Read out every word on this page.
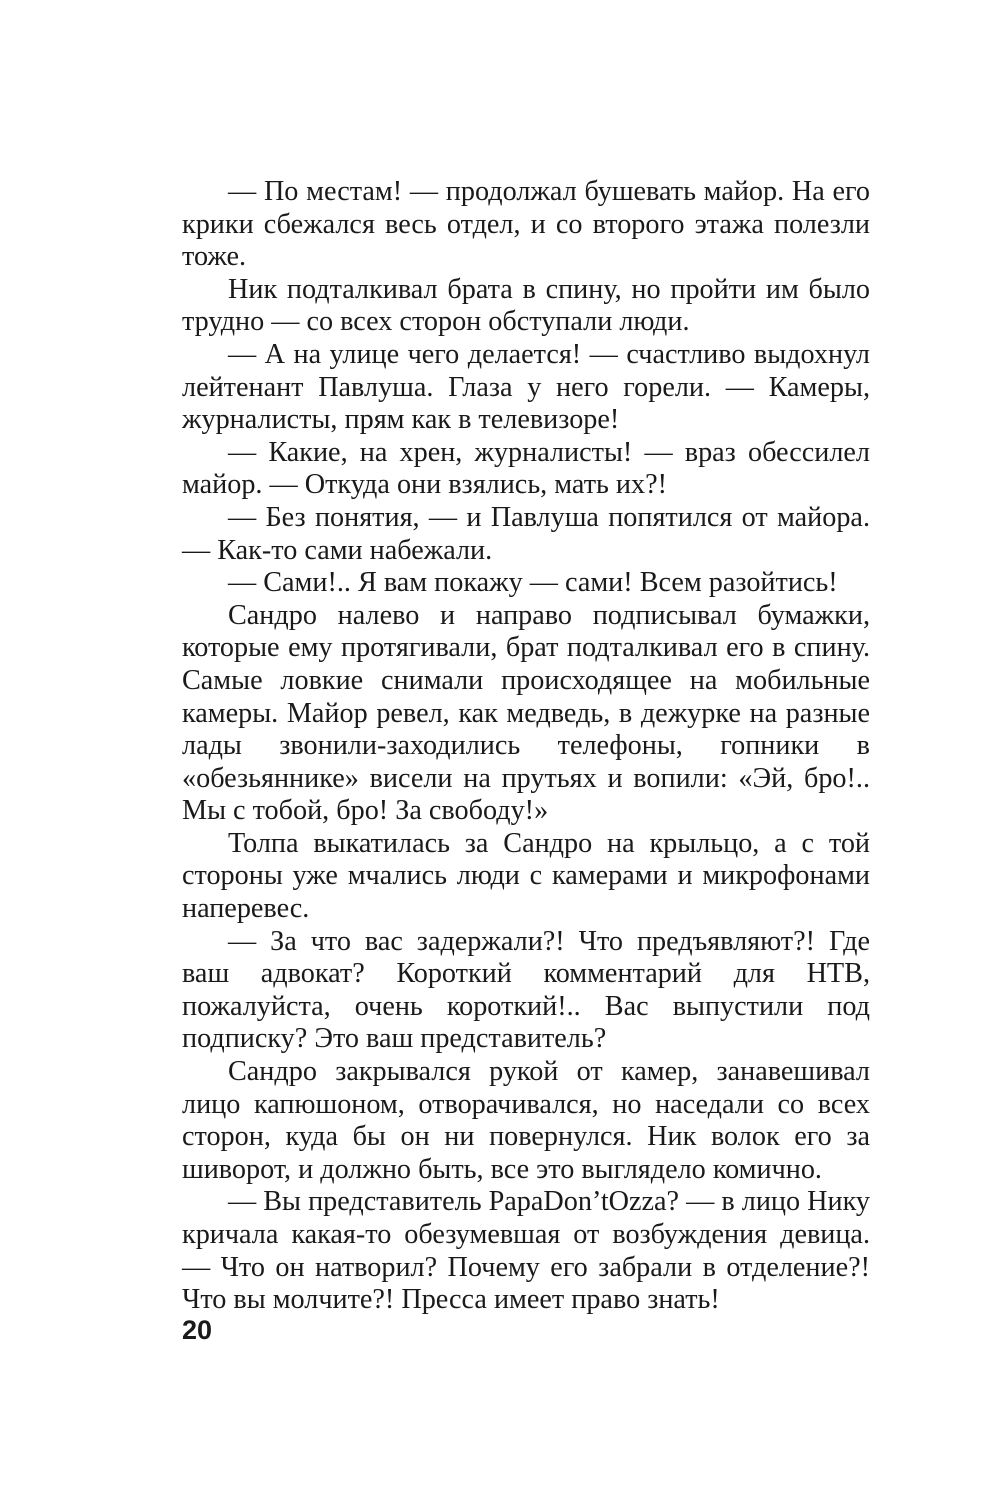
— По местам! — продолжал бушевать майор. На его крики сбежался весь отдел, и со второго этажа полезли тоже.

Ник подталкивал брата в спину, но пройти им было трудно — со всех сторон обступали люди.

— А на улице чего делается! — счастливо выдохнул лейтенант Павлуша. Глаза у него горели. — Камеры, журналисты, прям как в телевизоре!

— Какие, на хрен, журналисты! — враз обессилел майор. — Откуда они взялись, мать их?!

— Без понятия, — и Павлуша попятился от майора. — Как-то сами набежали.

— Сами!.. Я вам покажу — сами! Всем разойтись!

Сандро налево и направо подписывал бумажки, которые ему протягивали, брат подталкивал его в спину. Самые ловкие снимали происходящее на мобильные камеры. Майор ревел, как медведь, в дежурке на разные лады звонили-заходились телефоны, гопники в «обезьяннике» висели на прутьях и вопили: «Эй, бро!.. Мы с тобой, бро! За свободу!»

Толпа выкатилась за Сандро на крыльцо, а с той стороны уже мчались люди с камерами и микрофонами наперевес.

— За что вас задержали?! Что предъявляют?! Где ваш адвокат? Короткий комментарий для НТВ, пожалуйста, очень короткий!.. Вас выпустили под подписку? Это ваш представитель?

Сандро закрывался рукой от камер, занавешивал лицо капюшоном, отворачивался, но наседали со всех сторон, куда бы он ни повернулся. Ник волок его за шиворот, и должно быть, все это выглядело комично.

— Вы представитель PapaDon’tOzza? — в лицо Нику кричала какая-то обезумевшая от возбуждения девица. — Что он натворил? Почему его забрали в отделение?! Что вы молчите?! Пресса имеет право знать!

20
